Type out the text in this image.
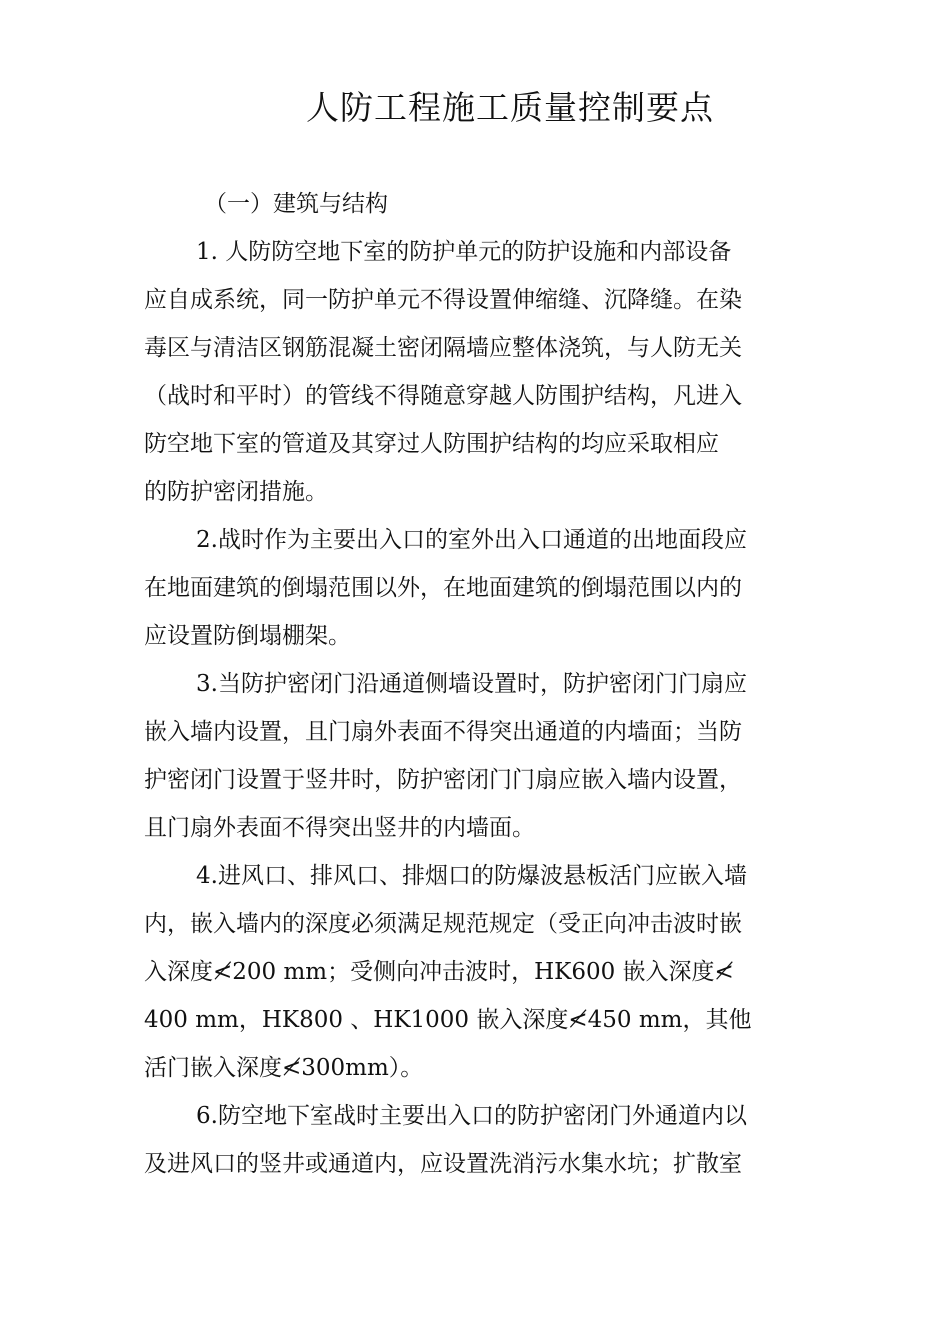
人防工程施工质量控制要点
（一）建筑与结构
1. 人防防空地下室的防护单元的防护设施和内部设备
应自成系统，同一防护单元不得设置伸缩缝、沉降缝。在染
毒区与清洁区钢筋混凝土密闭隔墙应整体浇筑，与人防无关
（战时和平时）的管线不得随意穿越人防围护结构，凡进入
防空地下室的管道及其穿过人防围护结构的均应采取相应
的防护密闭措施。
2.战时作为主要出入口的室外出入口通道的出地面段应
在地面建筑的倒塌范围以外，在地面建筑的倒塌范围以内的
应设置防倒塌棚架。
3.当防护密闭门沿通道侧墙设置时，防护密闭门门扇应
嵌入墙内设置，且门扇外表面不得突出通道的内墙面；当防
护密闭门设置于竖井时，防护密闭门门扇应嵌入墙内设置，
且门扇外表面不得突出竖井的内墙面。
4.进风口、排风口、排烟口的防爆波悬板活门应嵌入墙
内，嵌入墙内的深度必须满足规范规定（受正向冲击波时嵌
入深度≮200 mm；受侧向冲击波时，HK600 嵌入深度≮
400 mm，HK800 、HK1000 嵌入深度≮450 mm，其他
活门嵌入深度≮300mm）。
6.防空地下室战时主要出入口的防护密闭门外通道内以
及进风口的竖井或通道内，应设置洗消污水集水坑；扩散室
